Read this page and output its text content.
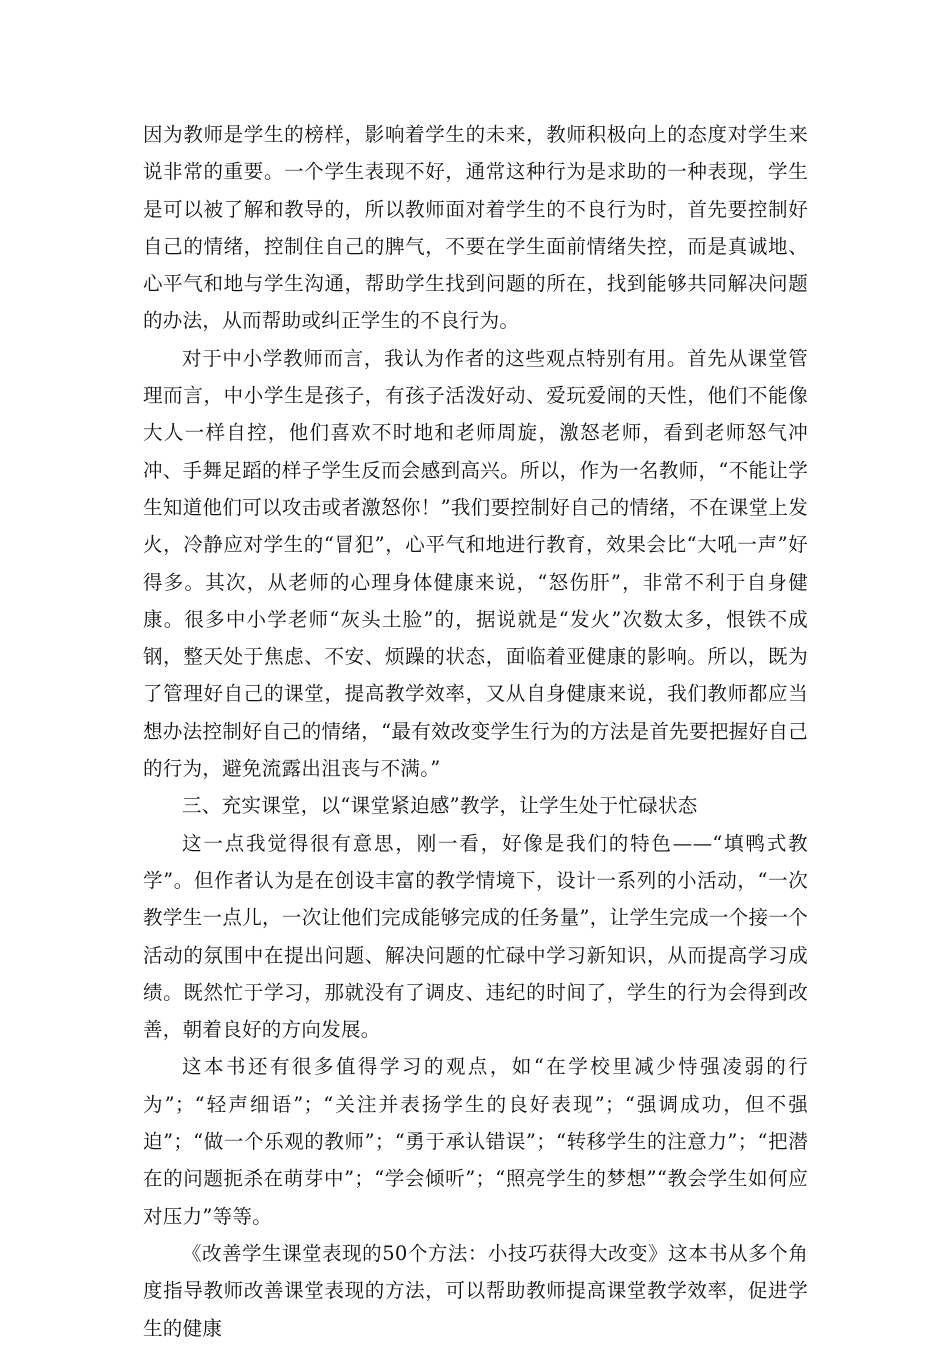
因为教师是学生的榜样，影响着学生的未来，教师积极向上的态度对学生来说非常的重要。一个学生表现不好，通常这种行为是求助的一种表现，学生是可以被了解和教导的，所以教师面对着学生的不良行为时，首先要控制好自己的情绪，控制住自己的脾气，不要在学生面前情绪失控，而是真诚地、心平气和地与学生沟通，帮助学生找到问题的所在，找到能够共同解决问题的办法，从而帮助或纠正学生的不良行为。

对于中小学教师而言，我认为作者的这些观点特别有用。首先从课堂管理而言，中小学生是孩子，有孩子活泼好动、爱玩爱闹的天性，他们不能像大人一样自控，他们喜欢不时地和老师周旋，激怒老师，看到老师怒气冲冲、手舞足蹈的样子学生反而会感到高兴。所以，作为一名教师，“不能让学生知道他们可以攻击或者激怒你！”我们要控制好自己的情绪，不在课堂上发火，冷静应对学生的“冒犯”，心平气和地进行教育，效果会比“大吼一声”好得多。其次，从老师的心理身体健康来说，“怒伤肝”，非常不利于自身健康。很多中小学老师“灰头土脸”的，据说就是“发火”次数太多，恨铁不成钢，整天处于焦虑、不安、烦躁的状态，面临着亚健康的影响。所以，既为了管理好自己的课堂，提高教学效率，又从自身健康来说，我们教师都应当想办法控制好自己的情绪，“最有效改变学生行为的方法是首先要把握好自己的行为，避免流露出沮丧与不满。”

三、充实课堂，以“课堂紧迫感”教学，让学生处于忙碌状态

这一点我觉得很有意思，刚一看，好像是我们的特色——“填鸭式教学”。但作者认为是在创设丰富的教学情境下，设计一系列的小活动，“一次教学生一点儿，一次让他们完成能够完成的任务量”，让学生完成一个接一个活动的氛围中在提出问题、解决问题的忙碌中学习新知识，从而提高学习成绩。既然忙于学习，那就没有了调皮、违纪的时间了，学生的行为会得到改善，朝着良好的方向发展。

这本书还有很多值得学习的观点，如“在学校里减少恃强凌弱的行为”；“轻声细语”；“关注并表扬学生的良好表现”；“强调成功，但不强迫”；“做一个乐观的教师”；“勇于承认错误”；“转移学生的注意力”；“把潜在的问题扼杀在萌芽中”；“学会倾听”；“照亮学生的梦想”“教会学生如何应对压力”等等。

《改善学生课堂表现的50个方法：小技巧获得大改变》这本书从多个角度指导教师改善课堂表现的方法，可以帮助教师提高课堂教学效率，促进学生的健康
